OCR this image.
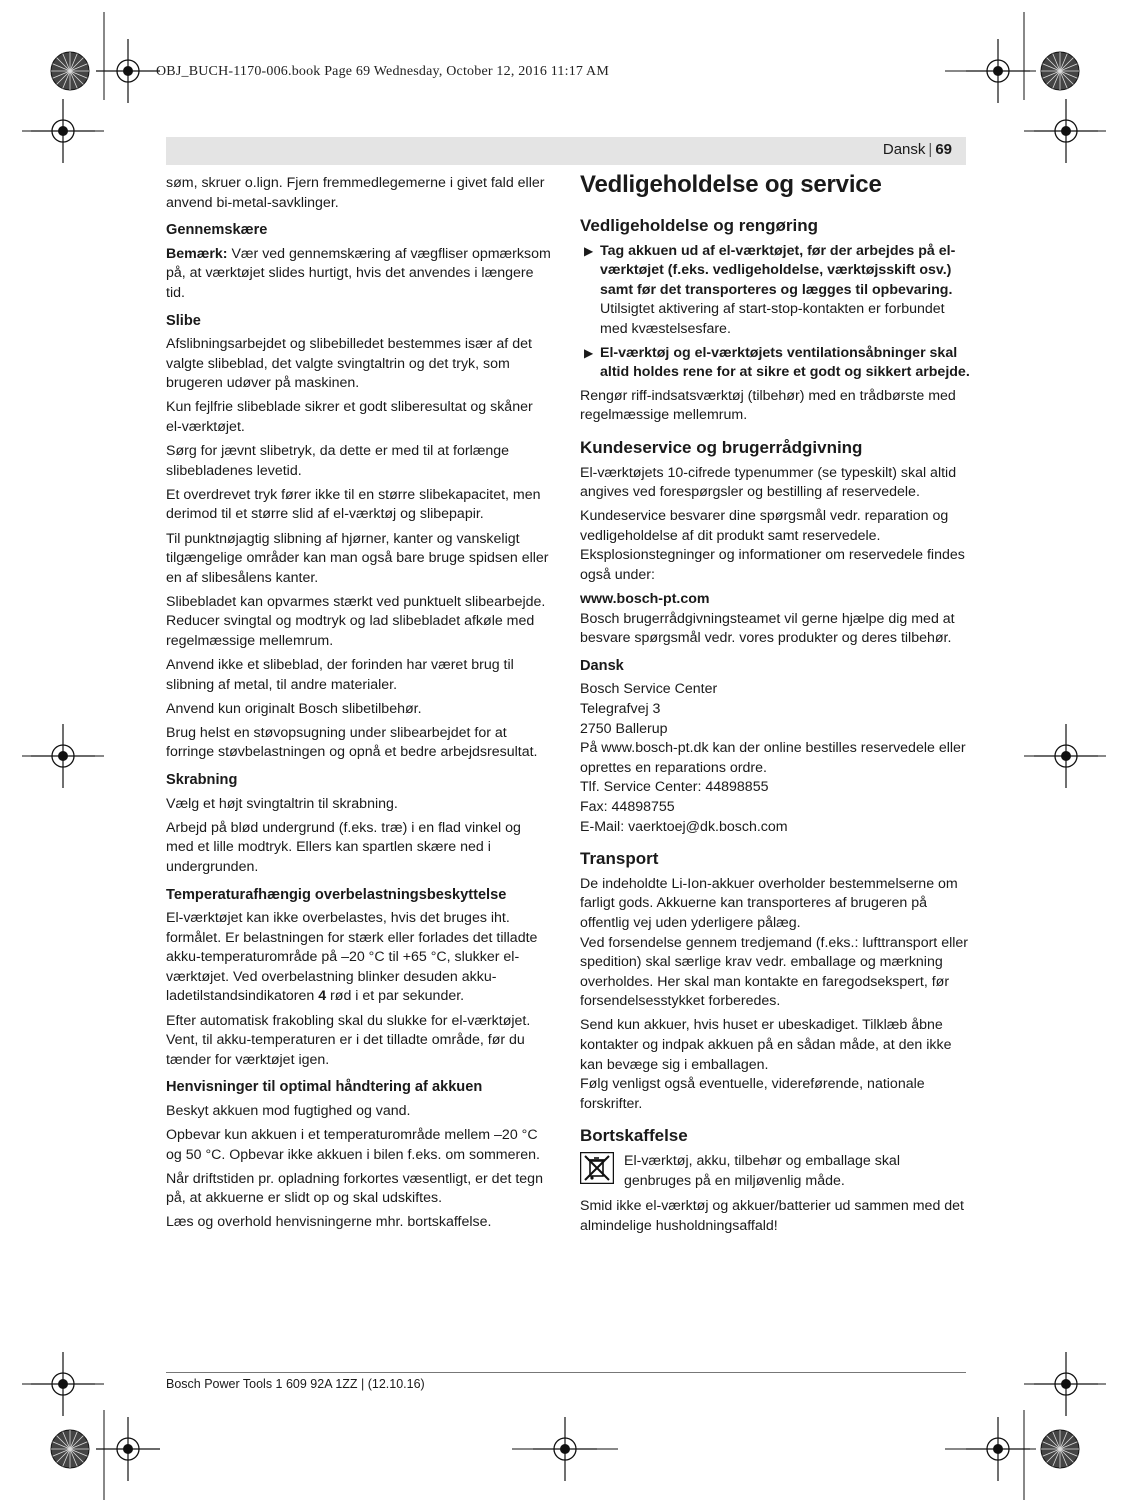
OBJ_BUCH-1170-006.book Page 69 Wednesday, October 12, 2016 11:17 AM
Dansk | 69

søm, skruer o.lign. Fjern fremmedlegemerne i givet fald eller anvend bi-metal-savklinger.

Gennemskære

Bemærk: Vær ved gennemskæring af vægfliser opmærksom på, at værktøjet slides hurtigt, hvis det anvendes i længere tid.

Slibe

Afslibningsarbejdet og slibebilledet bestemmes især af det valgte slibeblad, det valgte svingtaltrin og det tryk, som brugeren udøver på maskinen.

Kun fejlfrie slibeblade sikrer et godt sliberesultat og skåner el-værktøjet.

Sørg for jævnt slibetryk, da dette er med til at forlænge slibebladenes levetid.

Et overdrevet tryk fører ikke til en større slibekapacitet, men derimod til et større slid af el-værktøj og slibepapir.

Til punktnøjagtig slibning af hjørner, kanter og vanskeligt tilgængelige områder kan man også bare bruge spidsen eller en af slibesålens kanter.

Slibebladet kan opvarmes stærkt ved punktuelt slibearbejde. Reducer svingtal og modtryk og lad slibebladet afkøle med regelmæssige mellemrum.

Anvend ikke et slibeblad, der forinden har været brug til slibning af metal, til andre materialer.

Anvend kun originalt Bosch slibetilbehør.

Brug helst en støvopsugning under slibearbejdet for at forringe støvbelastningen og opnå et bedre arbejdsresultat.

Skrabning

Vælg et højt svingtaltrin til skrabning.

Arbejd på blød undergrund (f.eks. træ) i en flad vinkel og med et lille modtryk. Ellers kan spartlen skære ned i undergrunden.

Temperaturafhængig overbelastningsbeskyttelse

El-værktøjet kan ikke overbelastes, hvis det bruges iht. formålet. Er belastningen for stærk eller forlades det tilladte akku-temperaturområde på –20 °C til +65 °C, slukker el-værktøjet. Ved overbelastning blinker desuden akku-ladetilstandsindikatoren 4 rød i et par sekunder.

Efter automatisk frakobling skal du slukke for el-værktøjet. Vent, til akku-temperaturen er i det tilladte område, før du tænder for værktøjet igen.

Henvisninger til optimal håndtering af akkuen

Beskyt akkuen mod fugtighed og vand.

Opbevar kun akkuen i et temperaturområde mellem –20 °C og 50 °C. Opbevar ikke akkuen i bilen f.eks. om sommeren.

Når driftstiden pr. opladning forkortes væsentligt, er det tegn på, at akkuerne er slidt op og skal udskiftes.

Læs og overhold henvisningerne mhr. bortskaffelse.

Vedligeholdelse og service
Vedligeholdelse og rengøring
▶ Tag akkuen ud af el-værktøjet, før der arbejdes på el-værktøjet (f.eks. vedligeholdelse, værktøjsskift osv.) samt før det transporteres og lægges til opbevaring. Utilsigtet aktivering af start-stop-kontakten er forbundet med kvæstelsesfare.
▶ El-værktøj og el-værktøjets ventilationsåbninger skal altid holdes rene for at sikre et godt og sikkert arbejde.

Rengør riff-indsatsværktøj (tilbehør) med en trådbørste med regelmæssige mellemrum.

Kundeservice og brugerrådgivning

El-værktøjets 10-cifrede typenummer (se typeskilt) skal altid angives ved forespørgsler og bestilling af reservedele.

Kundeservice besvarer dine spørgsmål vedr. reparation og vedligeholdelse af dit produkt samt reservedele. Eksplosionstegninger og informationer om reservedele findes også under:

www.bosch-pt.com

Bosch brugerrådgivningsteamet vil gerne hjælpe dig med at besvare spørgsmål vedr. vores produkter og deres tilbehør.

Dansk
Bosch Service Center
Telegrafvej 3
2750 Ballerup
På www.bosch-pt.dk kan der online bestilles reservedele eller oprettes en reparations ordre.
Tlf. Service Center: 44898855
Fax: 44898755
E-Mail: vaerktoej@dk.bosch.com
Transport
De indeholdte Li-Ion-akkuer overholder bestemmelserne om farligt gods. Akkuerne kan transporteres af brugeren på offentlig vej uden yderligere pålæg.

Ved forsendelse gennem tredjemand (f.eks.: lufttransport eller spedition) skal særlige krav vedr. emballage og mærkning overholdes. Her skal man kontakte en faregodsekspert, før forsendelsesstykket forberedes.

Send kun akkuer, hvis huset er ubeskadiget. Tilklæb åbne kontakter og indpak akkuen på en sådan måde, at den ikke kan bevæge sig i emballagen.

Følg venligst også eventuelle, videreførende, nationale forskrifter.

Bortskaffelse
El-værktøj, akku, tilbehør og emballage skal genbruges på en miljøvenlig måde.

Smid ikke el-værktøj og akkuer/batterier ud sammen med det almindelige husholdningsaffald!

Bosch Power Tools 1 609 92A 1ZZ | (12.10.16)
